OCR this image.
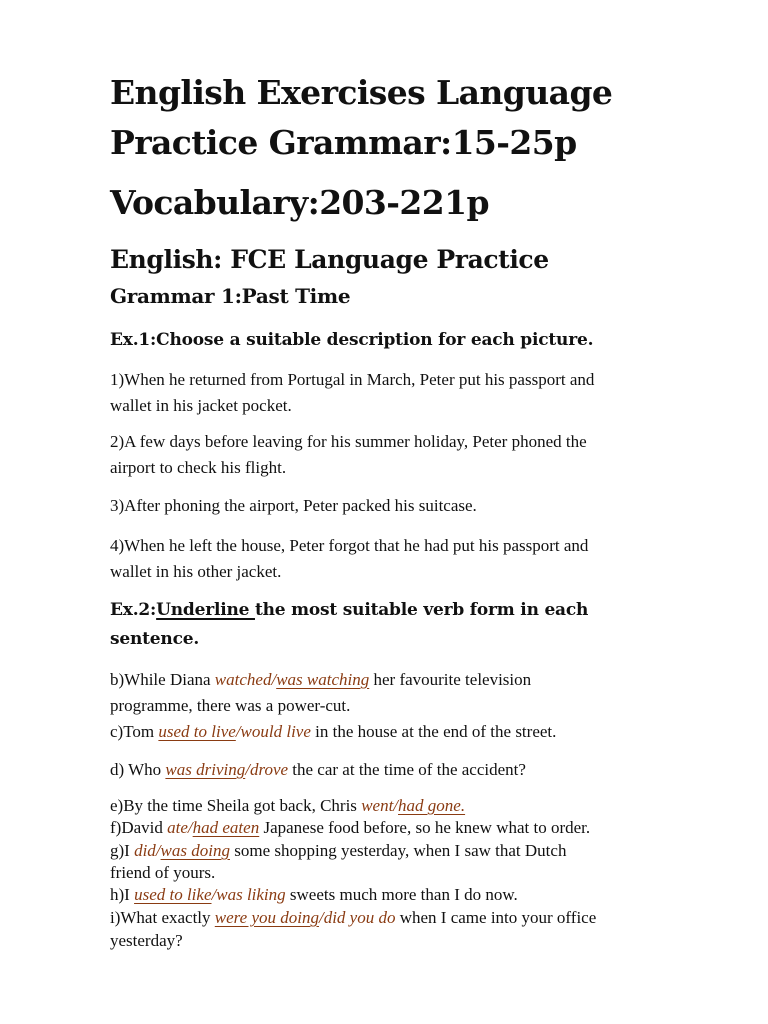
English Exercises Language
Practice Grammar:15-25p
Vocabulary:203-221p
English: FCE Language Practice
Grammar 1:Past Time
Ex.1:Choose a suitable description for each picture.
1)When he returned from Portugal in March, Peter put his passport and
wallet in his jacket pocket.
2)A few days before leaving for his summer holiday, Peter phoned the
airport to check his flight.
3)After phoning the airport, Peter packed his suitcase.
4)When he left the house, Peter forgot that he had put his passport and
wallet in his other jacket.
Ex.2:Underline the most suitable verb form in each
sentence.
b)While Diana watched/was watching her favourite television
programme, there was a power-cut.
c)Tom used to live/would live in the house at the end of the street.
d) Who was driving/drove the car at the time of the accident?
e)By the time Sheila got back, Chris went/had gone.
f)David ate/had eaten Japanese food before, so he knew what to order.
g)I did/was doing some shopping yesterday, when I saw that Dutch
friend of yours.
h)I used to like/was liking sweets much more than I do now.
i)What exactly were you doing/did you do when I came into your office
yesterday?
